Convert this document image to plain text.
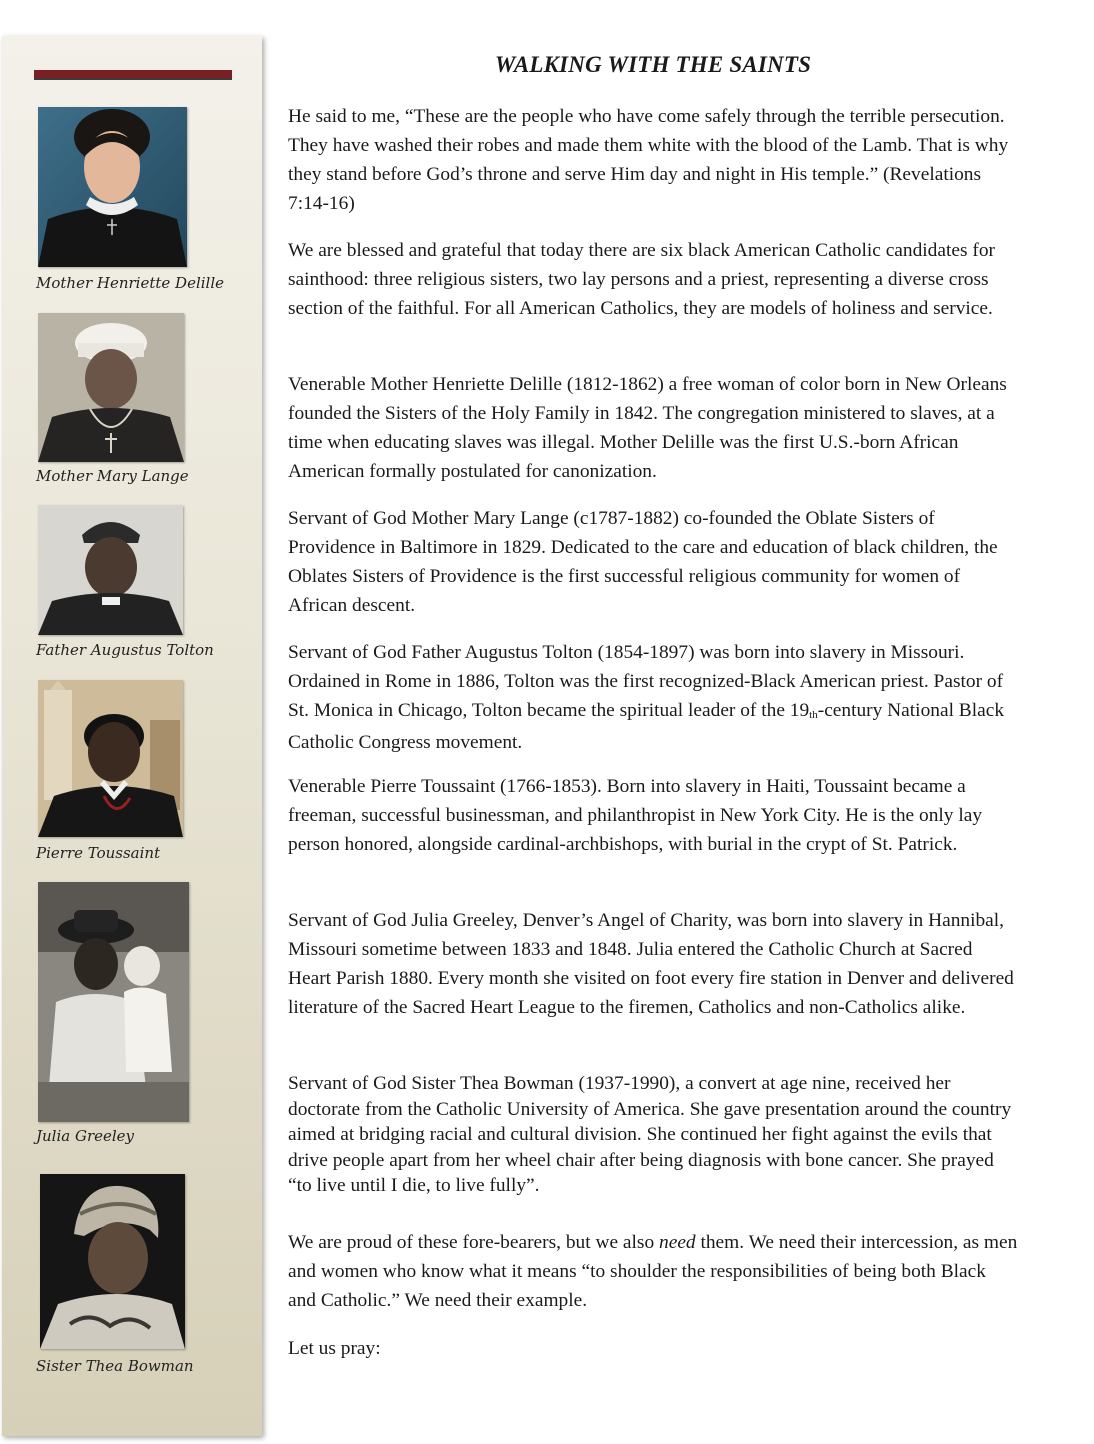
Mother Henriette Delille
Mother Mary Lange
Father Augustus Tolton
Pierre Toussaint
Julia Greeley
Sister Thea Bowman
WALKING WITH THE SAINTS

He said to me, “These are the people who have come safely through the terrible persecution. They have washed their robes and made them white with the blood of the Lamb. That is why they stand before God’s throne and serve Him day and night in His temple.” (Revelations 7:14-16)

We are blessed and grateful that today there are six black American Catholic candidates for sainthood: three religious sisters, two lay persons and a priest, representing a diverse cross section of the faithful. For all American Catholics, they are models of holiness and service.

Venerable Mother Henriette Delille (1812-1862) a free woman of color born in New Orleans founded the Sisters of the Holy Family in 1842. The congregation ministered to slaves, at a time when educating slaves was illegal. Mother Delille was the first U.S.-born African American formally postulated for canonization.

Servant of God Mother Mary Lange (c1787-1882) co-founded the Oblate Sisters of Providence in Baltimore in 1829. Dedicated to the care and education of black children, the Oblates Sisters of Providence is the first successful religious community for women of African descent.

Servant of God Father Augustus Tolton (1854-1897) was born into slavery in Missouri. Ordained in Rome in 1886, Tolton was the first recognized-Black American priest. Pastor of St. Monica in Chicago, Tolton became the spiritual leader of the 19th-century National Black Catholic Congress movement.

Venerable Pierre Toussaint (1766-1853). Born into slavery in Haiti, Toussaint became a freeman, successful businessman, and philanthropist in New York City. He is the only lay person honored, alongside cardinal-archbishops, with burial in the crypt of St. Patrick.

Servant of God Julia Greeley, Denver’s Angel of Charity, was born into slavery in Hannibal, Missouri sometime between 1833 and 1848. Julia entered the Catholic Church at Sacred Heart Parish 1880. Every month she visited on foot every fire station in Denver and delivered literature of the Sacred Heart League to the firemen, Catholics and non-Catholics alike.

Servant of God Sister Thea Bowman (1937-1990), a convert at age nine, received her doctorate from the Catholic University of America. She gave presentation around the country aimed at bridging racial and cultural division. She continued her fight against the evils that drive people apart from her wheel chair after being diagnosis with bone cancer. She prayed “to live until I die, to live fully”.

We are proud of these fore-bearers, but we also need them. We need their intercession, as men and women who know what it means “to shoulder the responsibilities of being both Black and Catholic.” We need their example.

Let us pray:
